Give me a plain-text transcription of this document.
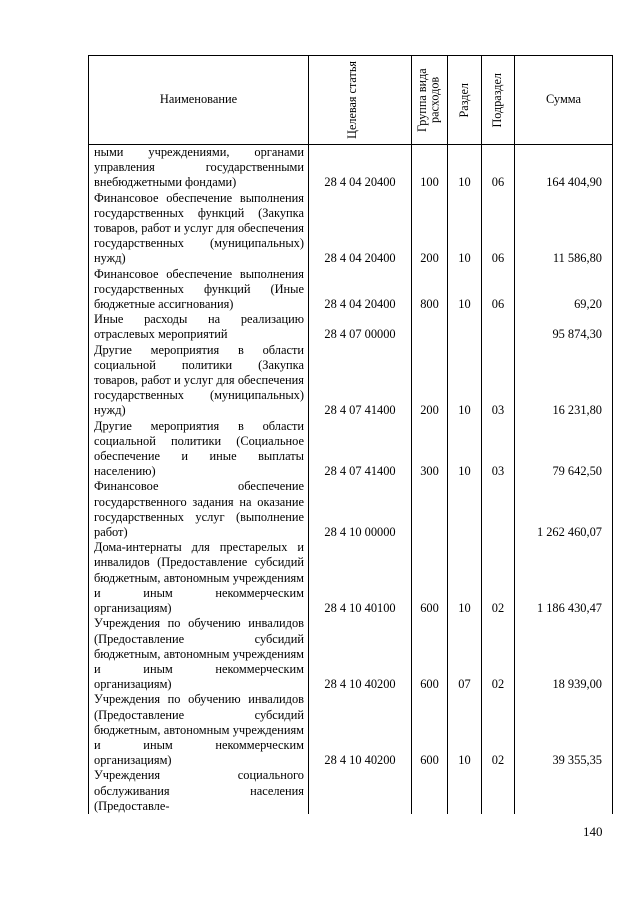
Наименование	Целевая статья	Группа вида расходов	Раздел	Подраздел	Сумма

ными учреждениями, органами управления государственными внебюджетными фондами)	28 4 04 20400	100	10	06	164 404,90

Финансовое обеспечение выполнения государственных функций (Закупка товаров, работ и услуг для обеспечения государственных (муниципальных) нужд)	28 4 04 20400	200	10	06	11 586,80

Финансовое обеспечение выполнения государственных функций (Иные бюджетные ассигнования)	28 4 04 20400	800	10	06	69,20

Иные расходы на реализацию отраслевых мероприятий	28 4 07 00000				95 874,30

Другие мероприятия в области социальной политики (Закупка товаров, работ и услуг для обеспечения государственных (муниципальных) нужд)	28 4 07 41400	200	10	03	16 231,80

Другие мероприятия в области социальной политики (Социальное обеспечение и иные выплаты населению)	28 4 07 41400	300	10	03	79 642,50

Финансовое обеспечение государственного задания на оказание государственных услуг (выполнение работ)	28 4 10 00000				1 262 460,07

Дома-интернаты для престарелых и инвалидов (Предоставление субсидий бюджетным, автономным учреждениям и иным некоммерческим организациям)	28 4 10 40100	600	10	02	1 186 430,47

Учреждения по обучению инвалидов (Предоставление субсидий бюджетным, автономным учреждениям и иным некоммерческим организациям)	28 4 10 40200	600	07	02	18 939,00

Учреждения по обучению инвалидов (Предоставление субсидий бюджетным, автономным учреждениям и иным некоммерческим организациям)	28 4 10 40200	600	10	02	39 355,35

Учреждения социального обслуживания населения (Предоставле-					

140
